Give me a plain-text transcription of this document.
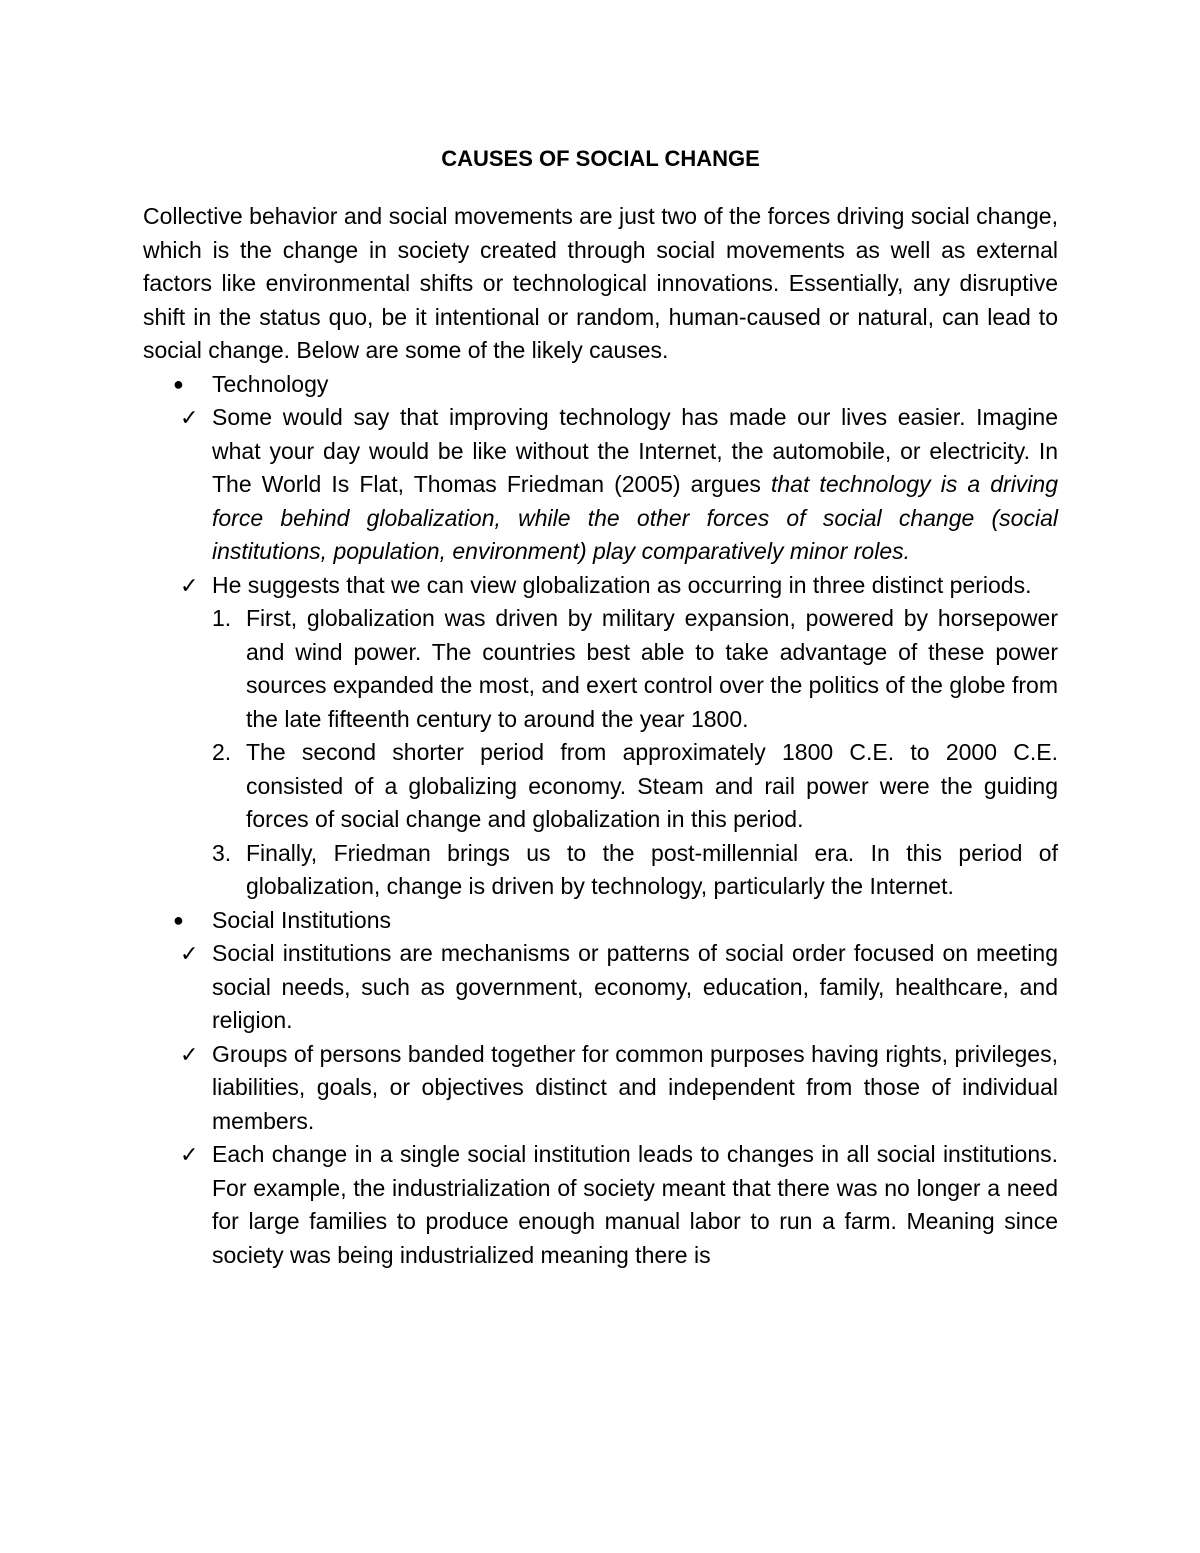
CAUSES OF SOCIAL CHANGE

Collective behavior and social movements are just two of the forces driving social change, which is the change in society created through social movements as well as external factors like environmental shifts or technological innovations. Essentially, any disruptive shift in the status quo, be it intentional or random, human-caused or natural, can lead to social change. Below are some of the likely causes.

● Technology
✓ Some would say that improving technology has made our lives easier. Imagine what your day would be like without the Internet, the automobile, or electricity. In The World Is Flat, Thomas Friedman (2005) argues that technology is a driving force behind globalization, while the other forces of social change (social institutions, population, environment) play comparatively minor roles.
✓ He suggests that we can view globalization as occurring in three distinct periods.
1. First, globalization was driven by military expansion, powered by horsepower and wind power. The countries best able to take advantage of these power sources expanded the most, and exert control over the politics of the globe from the late fifteenth century to around the year 1800.
2. The second shorter period from approximately 1800 C.E. to 2000 C.E. consisted of a globalizing economy. Steam and rail power were the guiding forces of social change and globalization in this period.
3. Finally, Friedman brings us to the post-millennial era. In this period of globalization, change is driven by technology, particularly the Internet.
● Social Institutions
✓ Social institutions are mechanisms or patterns of social order focused on meeting social needs, such as government, economy, education, family, healthcare, and religion.
✓ Groups of persons banded together for common purposes having rights, privileges, liabilities, goals, or objectives distinct and independent from those of individual members.
✓ Each change in a single social institution leads to changes in all social institutions. For example, the industrialization of society meant that there was no longer a need for large families to produce enough manual labor to run a farm. Meaning since society was being industrialized meaning there is
